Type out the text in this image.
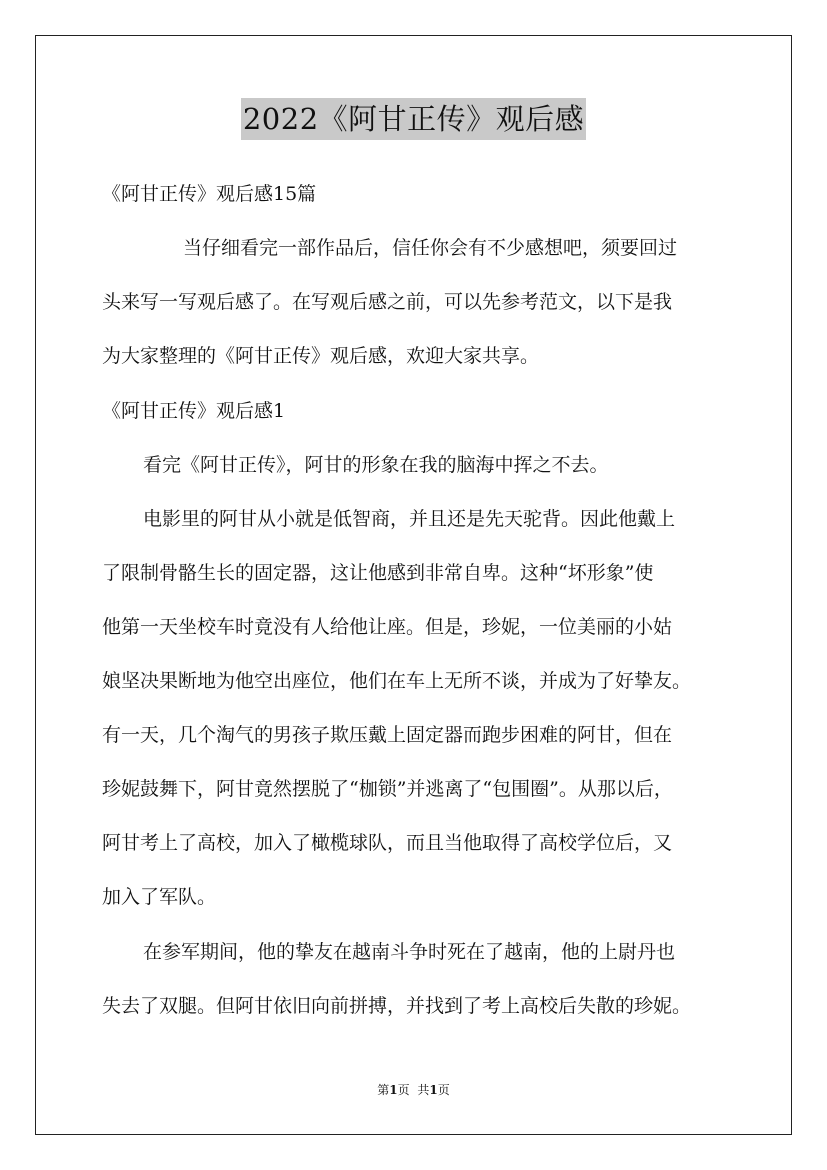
2022《阿甘正传》观后感
《阿甘正传》观后感15篇
当仔细看完一部作品后，信任你会有不少感想吧，须要回过
头来写一写观后感了。在写观后感之前，可以先参考范文，以下是我
为大家整理的《阿甘正传》观后感，欢迎大家共享。
《阿甘正传》观后感1
看完《阿甘正传》，阿甘的形象在我的脑海中挥之不去。
电影里的阿甘从小就是低智商，并且还是先天驼背。因此他戴上
了限制骨骼生长的固定器，这让他感到非常自卑。这种“坏形象”使
他第一天坐校车时竟没有人给他让座。但是，珍妮，一位美丽的小姑
娘坚决果断地为他空出座位，他们在车上无所不谈，并成为了好挚友。
有一天，几个淘气的男孩子欺压戴上固定器而跑步困难的阿甘，但在
珍妮鼓舞下，阿甘竟然摆脱了“枷锁”并逃离了“包围圈”。从那以后，
阿甘考上了高校，加入了橄榄球队，而且当他取得了高校学位后，又
加入了军队。
在参军期间，他的挚友在越南斗争时死在了越南，他的上尉丹也
失去了双腿。但阿甘依旧向前拼搏，并找到了考上高校后失散的珍妮。
第1页 共1页
